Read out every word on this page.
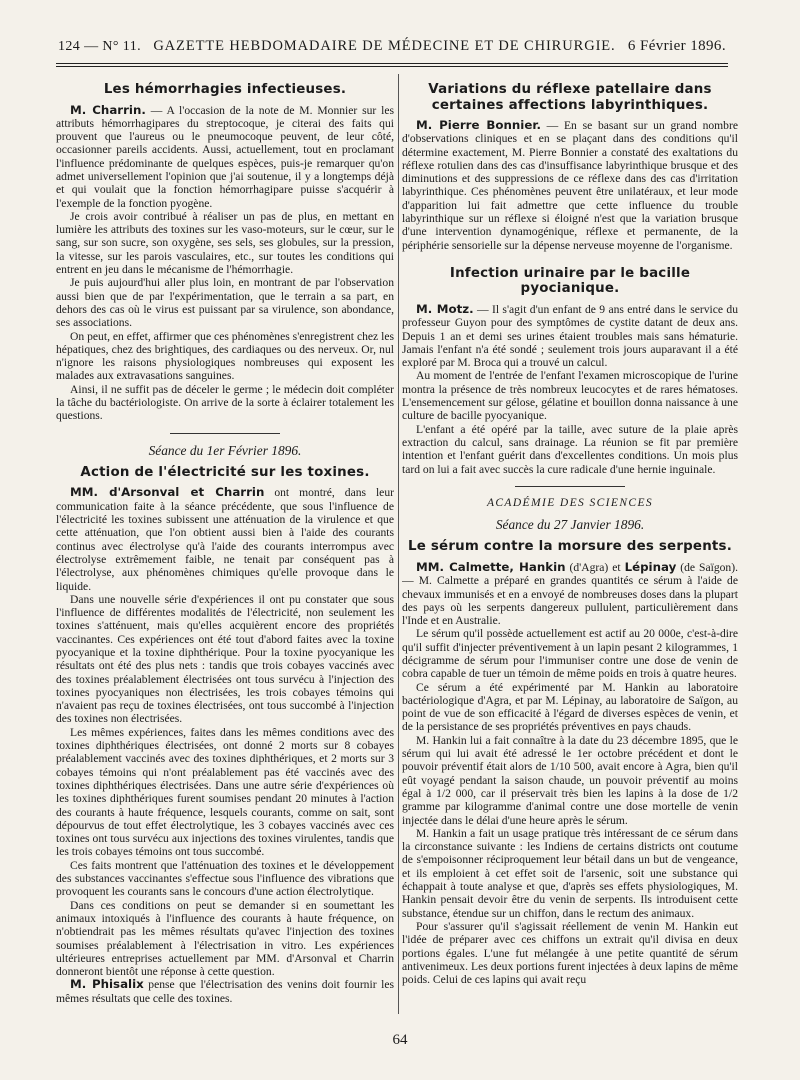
124 — N° 11. GAZETTE HEBDOMADAIRE DE MÉDECINE ET DE CHIRURGIE. 6 Février 1896.
Les hémorrhagies infectieuses.

M. Charrin. — A l'occasion de la note de M. Monnier sur les attributs hémorrhagipares du streptocoque, je citerai des faits qui prouvent que l'aureus ou le pneumocoque peuvent, de leur côté, occasionner pareils accidents. Aussi, actuellement, tout en proclamant l'influence prédominante de quelques espèces, puis-je remarquer qu'on admet universellement l'opinion que j'ai soutenue, il y a longtemps déjà et qui voulait que la fonction hémorrhagipare puisse s'acquérir à l'exemple de la fonction pyogène.

Je crois avoir contribué à réaliser un pas de plus, en mettant en lumière les attributs des toxines sur les vaso-moteurs, sur le cœur, sur le sang, sur son sucre, son oxygène, ses sels, ses globules, sur la pression, la vitesse, sur les parois vasculaires, etc., sur toutes les conditions qui entrent en jeu dans le mécanisme de l'hémorrhagie.

Je puis aujourd'hui aller plus loin, en montrant de par l'observation aussi bien que de par l'expérimentation, que le terrain a sa part, en dehors des cas où le virus est puissant par sa virulence, son abondance, ses associations.

On peut, en effet, affirmer que ces phénomènes s'enregistrent chez les hépatiques, chez des brightiques, des cardiaques ou des nerveux. Or, nul n'ignore les raisons physiologiques nombreuses qui exposent les malades aux extravasations sanguines.

Ainsi, il ne suffit pas de déceler le germe ; le médecin doit compléter la tâche du bactériologiste. On arrive de la sorte à éclairer totalement les questions.

Séance du 1er Février 1896.
Action de l'électricité sur les toxines.

MM. d'Arsonval et Charrin ont montré, dans leur communication faite à la séance précédente, que sous l'influence de l'électricité les toxines subissent une atténuation de la virulence et que cette atténuation, que l'on obtient aussi bien à l'aide des courants continus avec électrolyse qu'à l'aide des courants interrompus avec électrolyse extrêmement faible, ne tenait par conséquent pas à l'électrolyse, aux phénomènes chimiques qu'elle provoque dans le liquide.

Dans une nouvelle série d'expériences il ont pu constater que sous l'influence de différentes modalités de l'électricité, non seulement les toxines s'atténuent, mais qu'elles acquièrent encore des propriétés vaccinantes. Ces expériences ont été tout d'abord faites avec la toxine pyocyanique et la toxine diphthérique. Pour la toxine pyocyanique les résultats ont été des plus nets : tandis que trois cobayes vaccinés avec des toxines préalablement électrisées ont tous survécu à l'injection des toxines pyocyaniques non électrisées, les trois cobayes témoins qui n'avaient pas reçu de toxines électrisées, ont tous succombé à l'injection des toxines non électrisées.

Les mêmes expériences, faites dans les mêmes conditions avec des toxines diphthériques électrisées, ont donné 2 morts sur 8 cobayes préalablement vaccinés avec des toxines diphthériques, et 2 morts sur 3 cobayes témoins qui n'ont préalablement pas été vaccinés avec des toxines diphthériques électrisées. Dans une autre série d'expériences où les toxines diphthériques furent soumises pendant 20 minutes à l'action des courants à haute fréquence, lesquels courants, comme on sait, sont dépourvus de tout effet électrolytique, les 3 cobayes vaccinés avec ces toxines ont tous survécu aux injections des toxines virulentes, tandis que les trois cobayes témoins ont tous succombé.

Ces faits montrent que l'atténuation des toxines et le développement des substances vaccinantes s'effectue sous l'influence des vibrations que provoquent les courants sans le concours d'une action électrolytique.

Dans ces conditions on peut se demander si en soumettant les animaux intoxiqués à l'influence des courants à haute fréquence, on n'obtiendrait pas les mêmes résultats qu'avec l'injection des toxines soumises préalablement à l'électrisation in vitro. Les expériences ultérieures entreprises actuellement par MM. d'Arsonval et Charrin donneront bientôt une réponse à cette question.

M. Phisalix pense que l'électrisation des venins doit fournir les mêmes résultats que celle des toxines.

Variations du réflexe patellaire dans certaines affections labyrinthiques.

M. Pierre Bonnier. — En se basant sur un grand nombre d'observations cliniques et en se plaçant dans des conditions qu'il détermine exactement, M. Pierre Bonnier a constaté des exaltations du réflexe rotulien dans des cas d'insuffisance labyrinthique brusque et des diminutions et des suppressions de ce réflexe dans des cas d'irritation labyrinthique. Ces phénomènes peuvent être unilatéraux, et leur mode d'apparition lui fait admettre que cette influence du trouble labyrinthique sur un réflexe si éloigné n'est que la variation brusque d'une intervention dynamogénique, réflexe et permanente, de la périphérie sensorielle sur la dépense nerveuse moyenne de l'organisme.

Infection urinaire par le bacille pyocianique.

M. Motz. — Il s'agit d'un enfant de 9 ans entré dans le service du professeur Guyon pour des symptômes de cystite datant de deux ans. Depuis 1 an et demi ses urines étaient troubles mais sans hématurie. Jamais l'enfant n'a été sondé ; seulement trois jours auparavant il a été exploré par M. Broca qui a trouvé un calcul.

Au moment de l'entrée de l'enfant l'examen microscopique de l'urine montra la présence de très nombreux leucocytes et de rares hématoses. L'ensemencement sur gélose, gélatine et bouillon donna naissance à une culture de bacille pyocyanique.

L'enfant a été opéré par la taille, avec suture de la plaie après extraction du calcul, sans drainage. La réunion se fit par première intention et l'enfant guérit dans d'excellentes conditions. Un mois plus tard on lui a fait avec succès la cure radicale d'une hernie inguinale.

ACADÉMIE DES SCIENCES
Séance du 27 Janvier 1896.
Le sérum contre la morsure des serpents.

MM. Calmette, Hankin (d'Agra) et Lépinay (de Saïgon). — M. Calmette a préparé en grandes quantités ce sérum à l'aide de chevaux immunisés et en a envoyé de nombreuses doses dans la plupart des pays où les serpents dangereux pullulent, particulièrement dans l'Inde et en Australie.

Le sérum qu'il possède actuellement est actif au 20 000e, c'est-à-dire qu'il suffit d'injecter préventivement à un lapin pesant 2 kilogrammes, 1 décigramme de sérum pour l'immuniser contre une dose de venin de cobra capable de tuer un témoin de même poids en trois à quatre heures.

Ce sérum a été expérimenté par M. Hankin au laboratoire bactériologique d'Agra, et par M. Lépinay, au laboratoire de Saïgon, au point de vue de son efficacité à l'égard de diverses espèces de venin, et de la persistance de ses propriétés préventives en pays chauds.

M. Hankin lui a fait connaître à la date du 23 décembre 1895, que le sérum qui lui avait été adressé le 1er octobre précédent et dont le pouvoir préventif était alors de 1/10 500, avait encore à Agra, bien qu'il eût voyagé pendant la saison chaude, un pouvoir préventif au moins égal à 1/2 000, car il préservait très bien les lapins à la dose de 1/2 gramme par kilogramme d'animal contre une dose mortelle de venin injectée dans le délai d'une heure après le sérum.

M. Hankin a fait un usage pratique très intéressant de ce sérum dans la circonstance suivante : les Indiens de certains districts ont coutume de s'empoisonner réciproquement leur bétail dans un but de vengeance, et ils emploient à cet effet soit de l'arsenic, soit une substance qui échappait à toute analyse et que, d'après ses effets physiologiques, M. Hankin pensait devoir être du venin de serpents. Ils introduisent cette substance, étendue sur un chiffon, dans le rectum des animaux.

Pour s'assurer qu'il s'agissait réellement de venin M. Hankin eut l'idée de préparer avec ces chiffons un extrait qu'il divisa en deux portions égales. L'une fut mélangée à une petite quantité de sérum antivenimeux. Les deux portions furent injectées à deux lapins de même poids. Celui de ces lapins qui avait reçu

64
